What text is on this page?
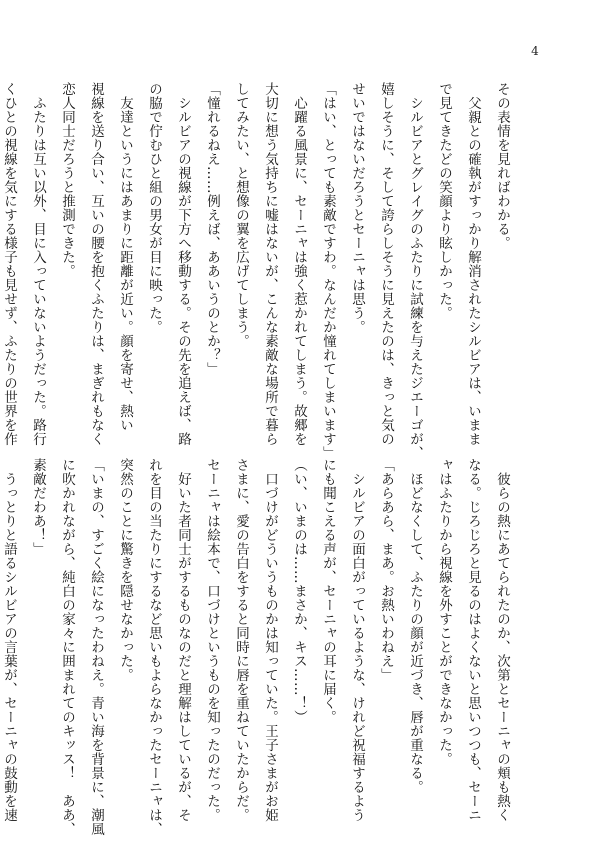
4
その表情を見ればわかる。
　父親との確執がすっかり解消されたシルビアは、いまま
で見てきたどの笑顔より眩しかった。
　シルビアとグレイグのふたりに試練を与えたジエーゴが、
嬉しそうに、そして誇らしそうに見えたのは、きっと気の
せいではないだろうとセーニャは思う。
「はい、とっても素敵ですわ。なんだか憧れてしまいます」
　心躍る風景に、セーニャは強く惹かれてしまう。故郷を
大切に想う気持ちに嘘はないが、こんな素敵な場所で暮ら
してみたい、と想像の翼を広げてしまう。
「憧れるねえ……例えば、ああいうのとか？」
　シルビアの視線が下方へ移動する。その先を追えば、路
の脇で佇むひと組の男女が目に映った。
　友達というにはあまりに距離が近い。顔を寄せ、熱い
視線を送り合い、互いの腰を抱くふたりは、まぎれもなく
恋人同士だろうと推測できた。
　ふたりは互い以外、目に入っていないようだった。路行
くひとの視線を気にする様子も見せず、ふたりの世界を作
　彼らの熱にあてられたのか、次第とセーニャの頬も熱く
なる。じろじろと見るのはよくないと思いつつも、セーニ
ャはふたりから視線を外すことができなかった。
　ほどなくして、ふたりの顔が近づき、唇が重なる。
「あらあら、まあ。お熱いわねえ」
　シルビアの面白がっているような、けれど祝福するよう
にも聞こえる声が、セーニャの耳に届く。
（い、いまのは……まさか、キス……！）
　口づけがどういうものかは知っていた。王子さまがお姫
さまに、愛の告白をすると同時に唇を重ねていたからだ。
セーニャは絵本で、口づけというものを知ったのだった。
　好いた者同士がするものなのだと理解はしているが、そ
れを目の当たりにするなど思いもよらなかったセーニャは、
突然のことに驚きを隠せなかった。
「いまの、すごく絵になったわねえ。青い海を背景に、潮風
に吹かれながら、純白の家々に囲まれてのキッス！　ああ、
素敵だわあ！」
　うっとりと語るシルビアの言葉が、セーニャの鼓動を速
